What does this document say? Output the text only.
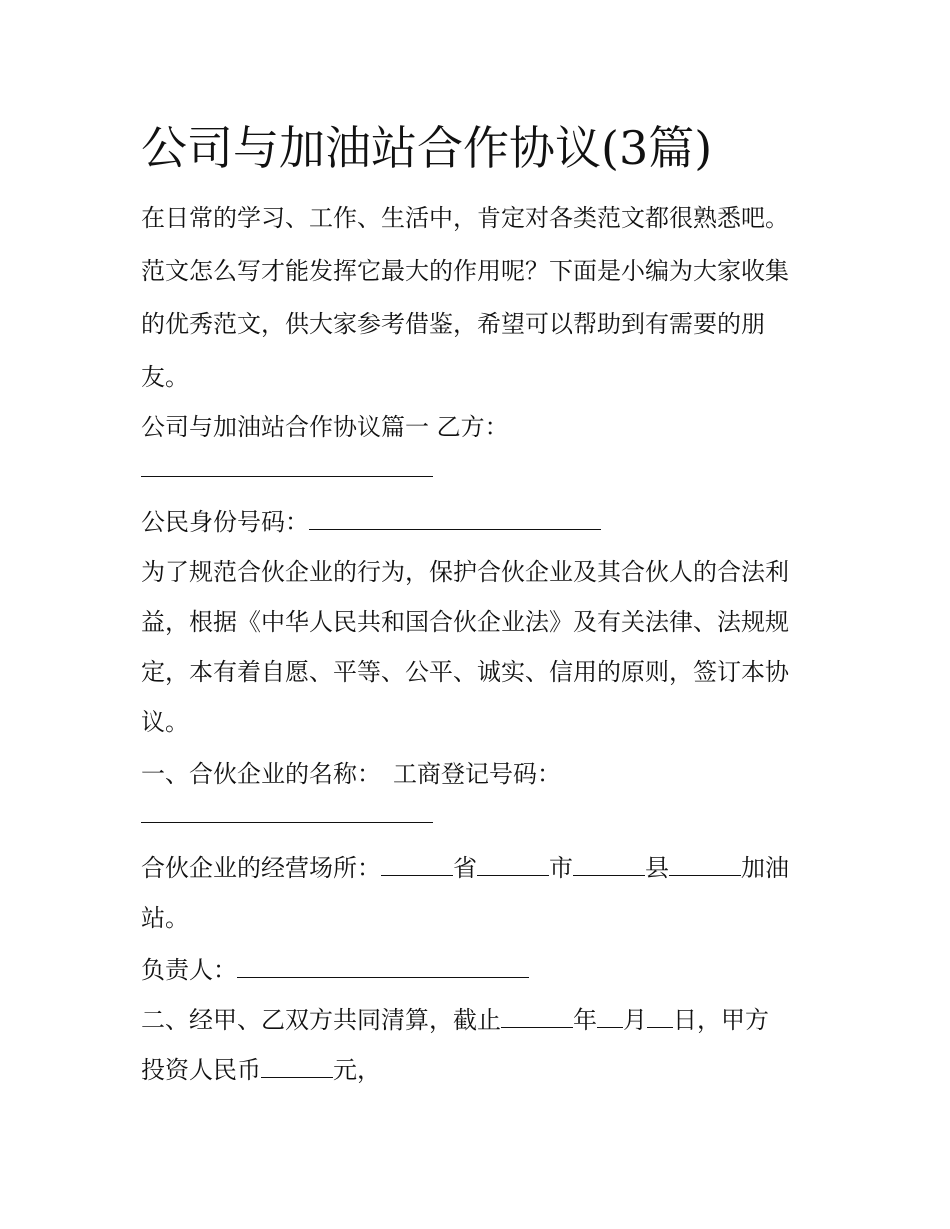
公司与加油站合作协议(3篇)
在日常的学习、工作、生活中，肯定对各类范文都很熟悉吧。
范文怎么写才能发挥它最大的作用呢？下面是小编为大家收集
的优秀范文，供大家参考借鉴，希望可以帮助到有需要的朋
友。
公司与加油站合作协议篇一 乙方：
公民身份号码：
为了规范合伙企业的行为，保护合伙企业及其合伙人的合法利
益，根据《中华人民共和国合伙企业法》及有关法律、法规规
定，本有着自愿、平等、公平、诚实、信用的原则，签订本协
议。
一、合伙企业的名称： 工商登记号码：
合伙企业的经营场所：	省	市	县	加油
站。
负责人：
二、经甲、乙双方共同清算，截止	年 月 日，甲方
投资人民币	元，
